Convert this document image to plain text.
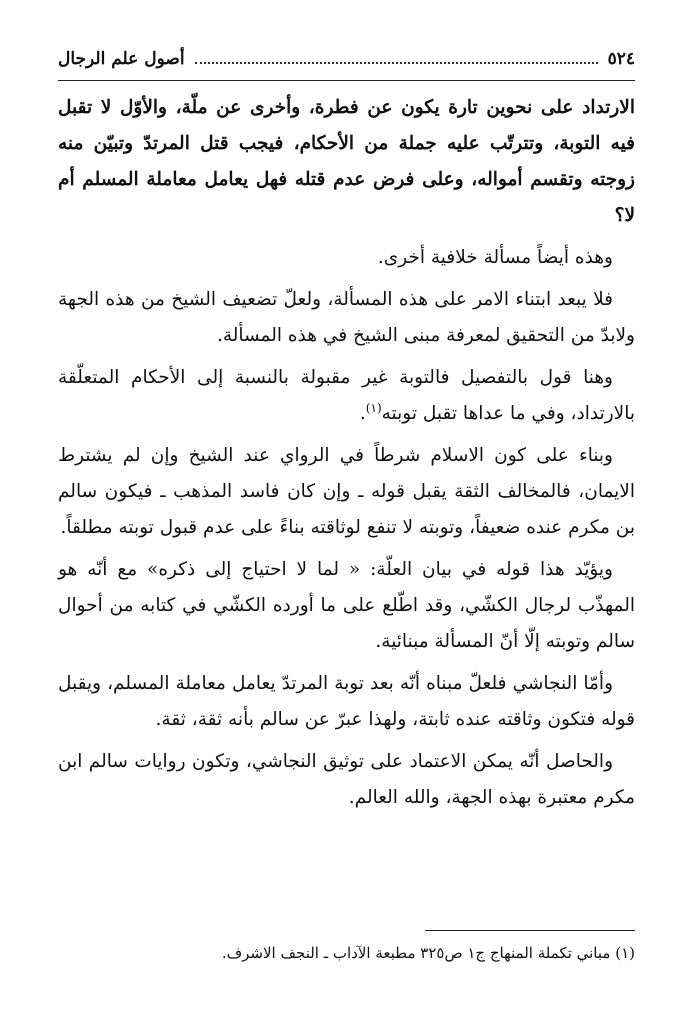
٥٢٤
أصول علم الرجال

الارتداد على نحوين تارة يكون عن فطرة، وأخرى عن ملّة، والأوّل لا تقبل فيه التوبة، وتترتّب عليه جملة من الأحكام، فيجب قتل المرتدّ وتبيّن منه زوجته وتقسم أمواله، وعلى فرض عدم قتله فهل يعامل معاملة المسلم أم لا؟

وهذه أيضاً مسألة خلافية أخرى.

فلا يبعد ابتناء الامر على هذه المسألة، ولعلّ تضعيف الشيخ من هذه الجهة ولابدّ من التحقيق لمعرفة مبنى الشيخ في هذه المسألة.

وهنا قول بالتفصيل فالتوبة غير مقبولة بالنسبة إلى الأحكام المتعلّقة بالارتداد، وفي ما عداها تقبل توبته$^{(١)}$.

وبناء على كون الاسلام شرطاً في الرواي عند الشيخ وإن لم يشترط الايمان، فالمخالف الثقة يقبل قوله ـ وإن كان فاسد المذهب ـ فيكون سالم بن مكرم عنده ضعيفاً، وتوبته لا تنفع لوثاقته بناءً على عدم قبول توبته مطلقاً.

ويؤيّد هذا قوله في بيان العلّة: « لما لا احتياج إلى ذكره» مع أنّه هو المهذّب لرجال الكشّي، وقد اطّلع على ما أورده الكشّي في كتابه من أحوال سالم وتوبته إلّا أنّ المسألة مبنائية.

وأمّا النجاشي فلعلّ مبناه أنّه بعد توبة المرتدّ يعامل معاملة المسلم، ويقبل قوله فتكون وثاقته عنده ثابتة، ولهذا عبرّ عن سالم بأنه ثقة، ثقة.

والحاصل أنّه يمكن الاعتماد على توثيق النجاشي، وتكون روايات سالم ابن مكرم معتبرة بهذه الجهة، والله العالم.

(١) مباني تكملة المنهاج ج١ ص٣٢٥ مطبعة الآداب ـ النجف الاشرف.
